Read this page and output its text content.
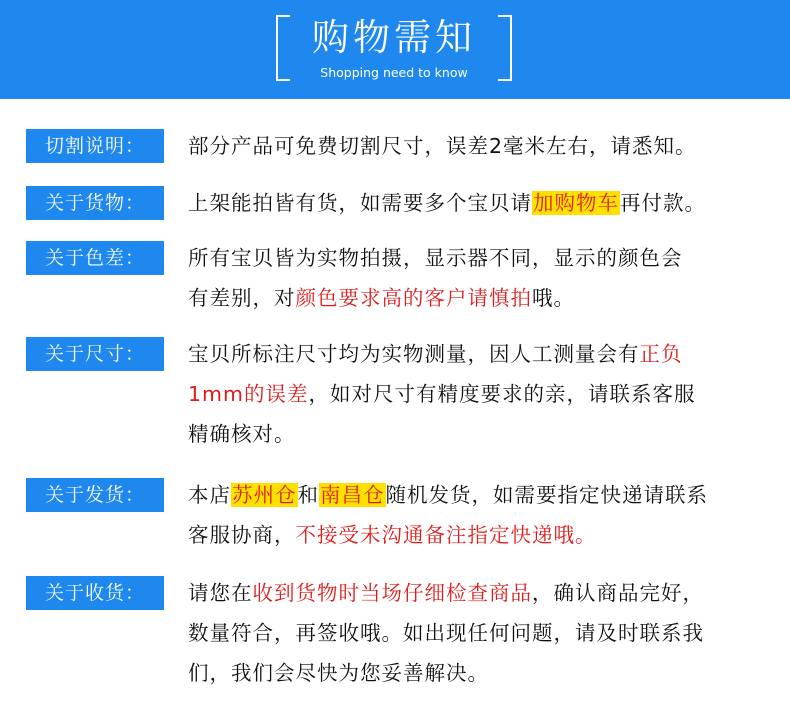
购物需知
Shopping need to know
切割说明：	部分产品可免费切割尺寸，误差2毫米左右，请悉知。
关于货物：	上架能拍皆有货，如需要多个宝贝请加购物车再付款。
关于色差：	所有宝贝皆为实物拍摄，显示器不同，显示的颜色会
有差别，对颜色要求高的客户请慎拍哦。
关于尺寸：	宝贝所标注尺寸均为实物测量，因人工测量会有正负
1mm的误差，如对尺寸有精度要求的亲，请联系客服
精确核对。
关于发货：	本店苏州仓和南昌仓随机发货，如需要指定快递请联系
客服协商，不接受未沟通备注指定快递哦。
关于收货：	请您在收到货物时当场仔细检查商品，确认商品完好，
数量符合，再签收哦。如出现任何问题，请及时联系我
们，我们会尽快为您妥善解决。
